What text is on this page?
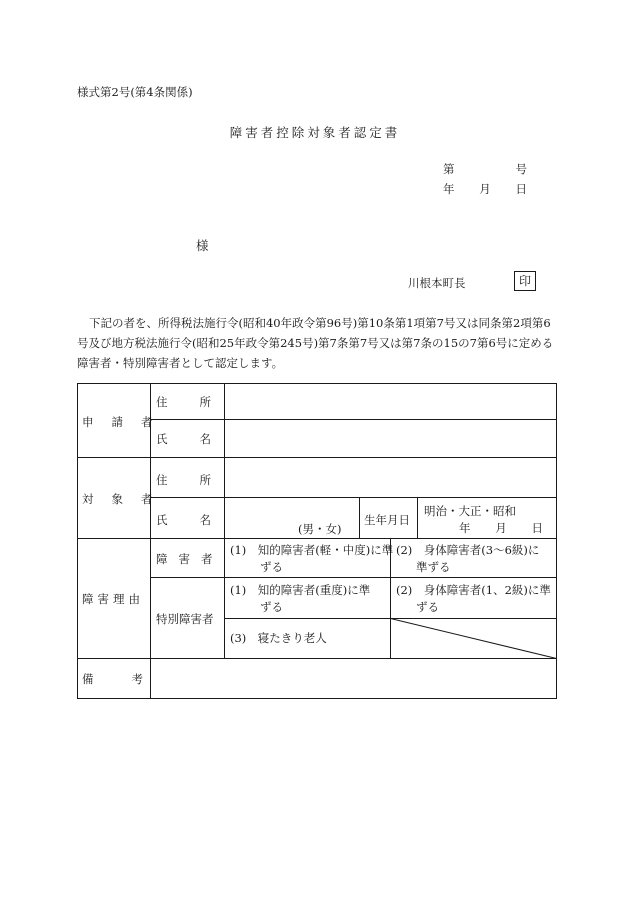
様式第2号(第4条関係)
障害者控除対象者認定書
第	号
年 月 日
様
川根本町長	印

下記の者を、所得税法施行令(昭和40年政令第96号)第10条第1項第7号又は同条第2項第6

号及び地方税法施行令(昭和25年政令第245号)第7条第7号又は第7条の15の7第6号に定める

障害者・特別障害者として認定します。

申請者
住所
氏名
対象者
住所
氏名
(男・女)
生年月日
明治・大正・昭和
年 月 日
障害理由
障害者
特別障害者
(1)　知的障害者(軽・中度)に準
ずる
(2)　身体障害者(3～6級)に
準ずる
(1)　知的障害者(重度)に準
ずる
(2)　身体障害者(1、2級)に準
ずる
(3)　寝たきり老人
備考
